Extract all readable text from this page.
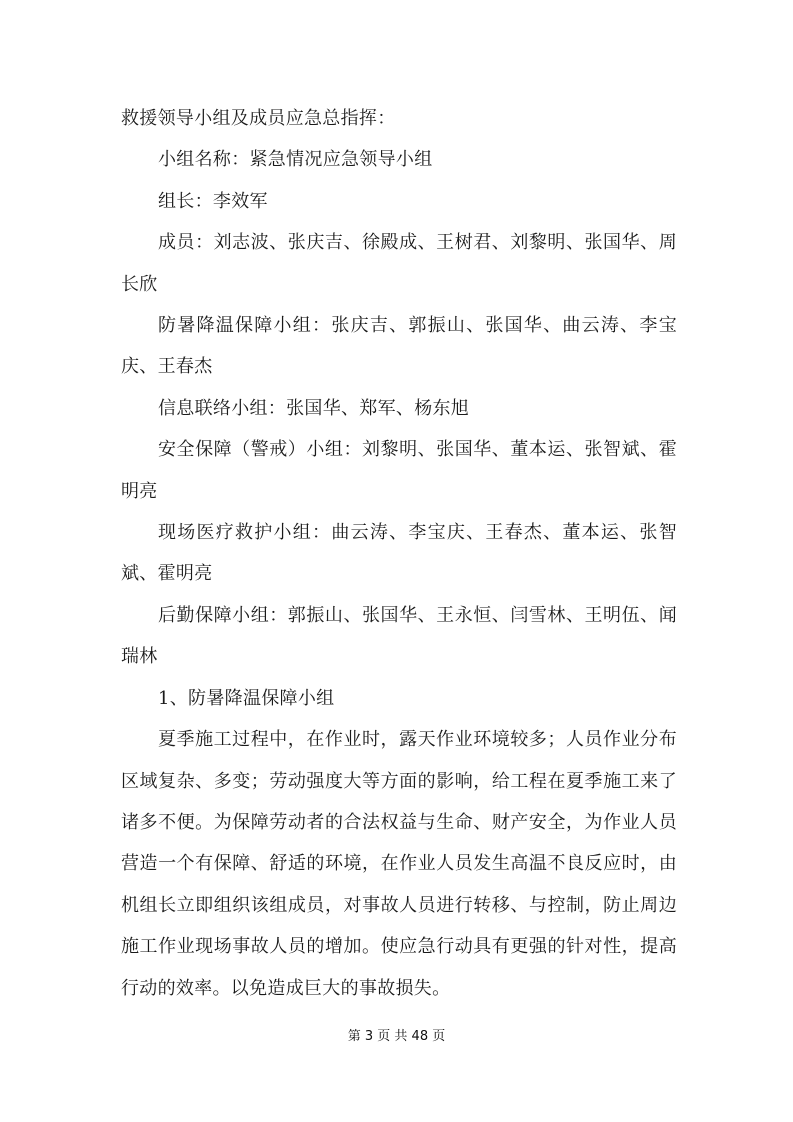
救援领导小组及成员应急总指挥：

小组名称：紧急情况应急领导小组

组长：李效军

成员：刘志波、张庆吉、徐殿成、王树君、刘黎明、张国华、周长欣

防暑降温保障小组：张庆吉、郭振山、张国华、曲云涛、李宝庆、王春杰

信息联络小组：张国华、郑军、杨东旭

安全保障（警戒）小组：刘黎明、张国华、董本运、张智斌、霍明亮

现场医疗救护小组：曲云涛、李宝庆、王春杰、董本运、张智斌、霍明亮

后勤保障小组：郭振山、张国华、王永恒、闫雪林、王明伍、闻瑞林

1、防暑降温保障小组

夏季施工过程中，在作业时，露天作业环境较多；人员作业分布区域复杂、多变；劳动强度大等方面的影响，给工程在夏季施工来了诸多不便。为保障劳动者的合法权益与生命、财产安全，为作业人员营造一个有保障、舒适的环境，在作业人员发生高温不良反应时，由机组长立即组织该组成员，对事故人员进行转移、与控制，防止周边施工作业现场事故人员的增加。使应急行动具有更强的针对性，提高行动的效率。以免造成巨大的事故损失。

第 3 页 共 48 页
